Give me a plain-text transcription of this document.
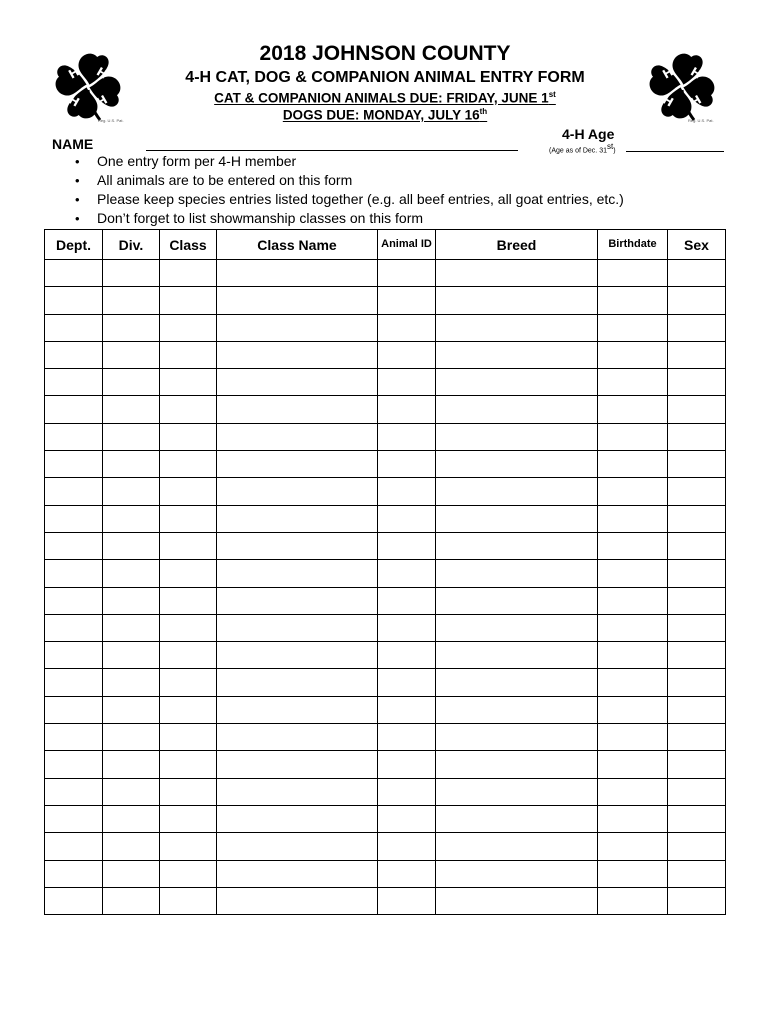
H H
H H
Reg. U.S. Pat.
H H
H H
Reg. U.S. Pat.
2018 JOHNSON COUNTY
4-H CAT, DOG & COMPANION ANIMAL ENTRY FORM
CAT & COMPANION ANIMALS DUE: FRIDAY, JUNE 1st
DOGS DUE: MONDAY, JULY 16th
NAME
4-H Age
(Age as of Dec. 31st)
• One entry form per 4-H member
• All animals are to be entered on this form
• Please keep species entries listed together (e.g. all beef entries, all goat entries, etc.)
• Don’t forget to list showmanship classes on this form
Dept.	Div.	Class	Class Name	Animal ID	Breed	Birthdate	Sex
